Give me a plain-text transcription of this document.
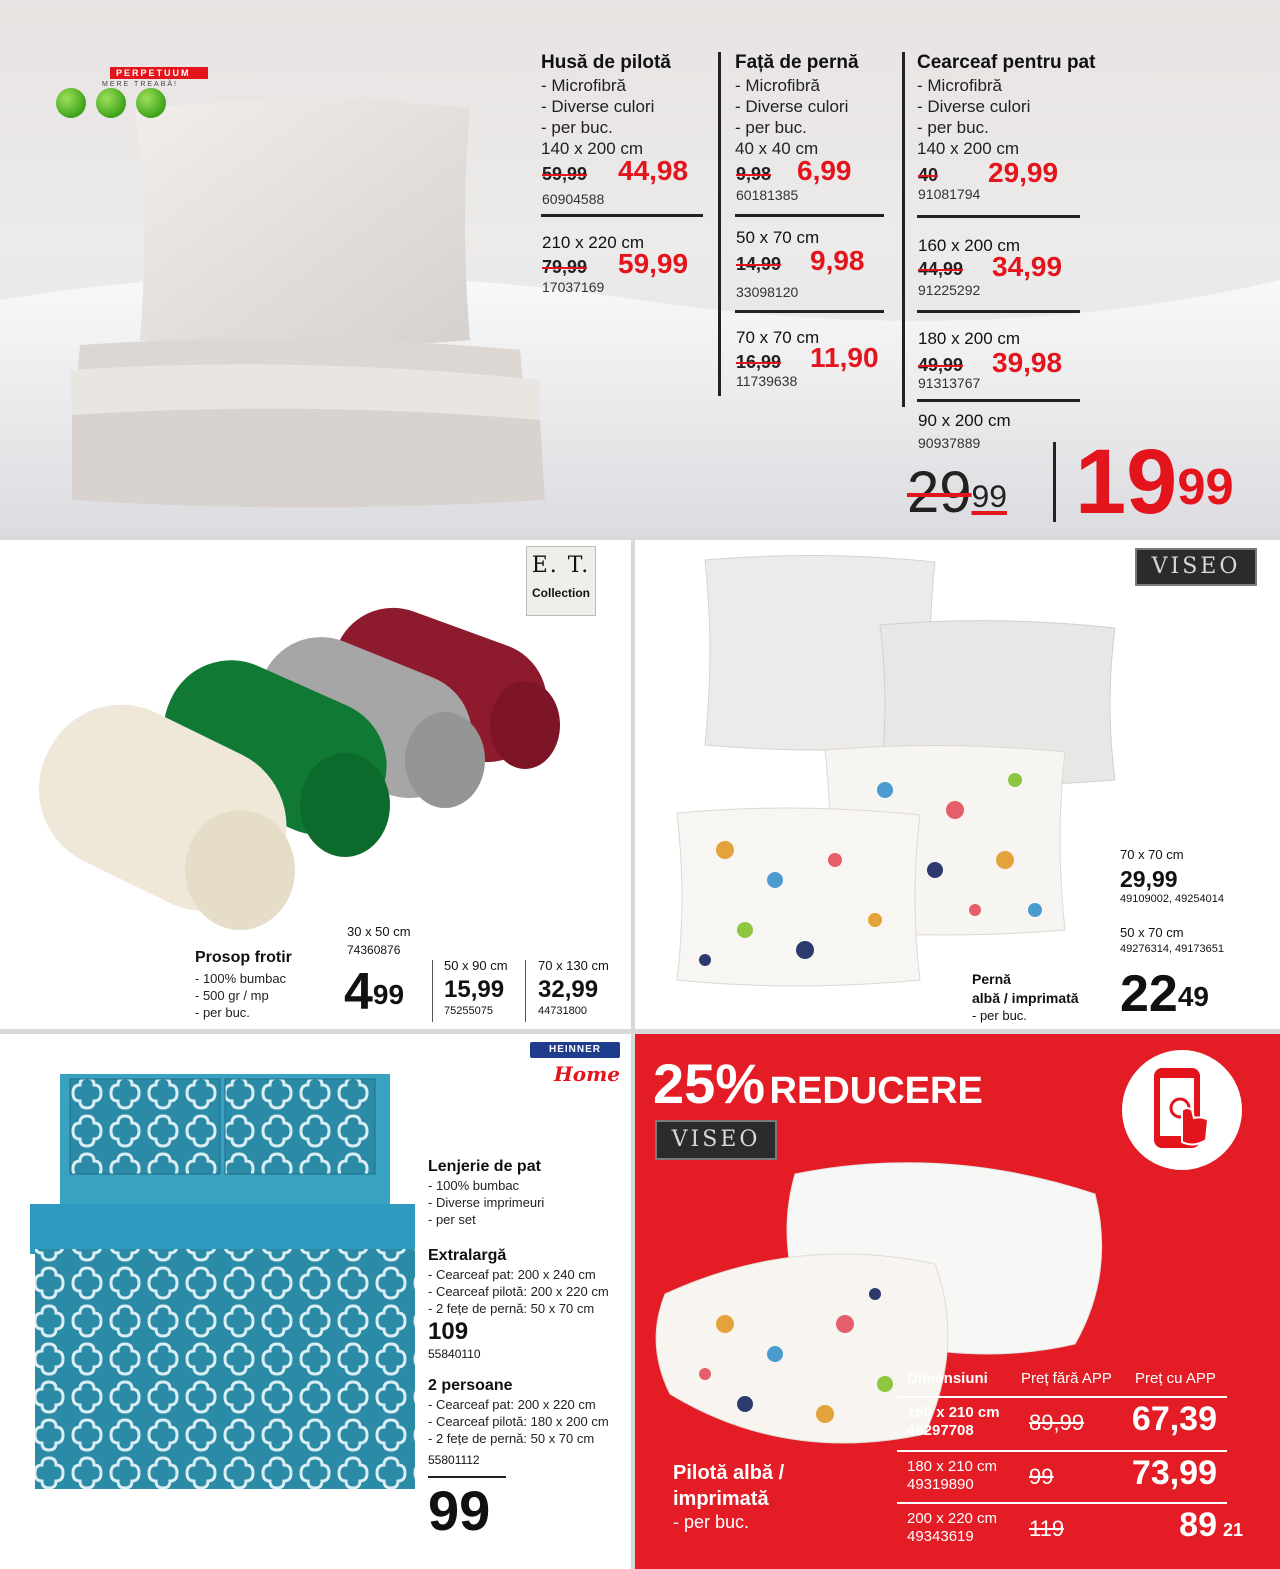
PERPETUUM
MERE TREABĂ!
Husă de pilotă
- Microfibră
- Diverse culori
- per buc.
140 x 200 cm
59,99 44,98
60904588
210 x 220 cm
79,99 59,99
17037169
Față de pernă
- Microfibră
- Diverse culori
- per buc.
40 x 40 cm
9,98 6,99
60181385
50 x 70 cm
14,99 9,98
33098120
70 x 70 cm
16,99 11,90
11739638
Cearceaf pentru pat
- Microfibră
- Diverse culori
- per buc.
140 x 200 cm
40 29,99
91081794
160 x 200 cm
44,99 34,99
91225292
180 x 200 cm
49,99 39,98
91313767
90 x 200 cm
90937889
$29^{99}$ $19^{99}$
E. T.
Collection
Prosop frotir
- 100% bumbac
- 500 gr / mp
- per buc.
30 x 50 cm
74360876
$4^{99}$
50 x 90 cm
15,99
75255075
70 x 130 cm
32,99
44731800
VISEO
70 x 70 cm
29,99
49109002, 49254014
50 x 70 cm
49276314, 49173651
Pernă
albă / imprimată
- per buc. $22^{49}$
HEINNER
Home
Lenjerie de pat
- 100% bumbac
- Diverse imprimeuri
- per set
Extralargă
- Cearceaf pat: 200 x 240 cm
- Cearceaf pilotă: 200 x 220 cm
- 2 fețe de pernă: 50 x 70 cm
109
55840110
2 persoane
- Cearceaf pat: 200 x 220 cm
- Cearceaf pilotă: 180 x 200 cm
- 2 fețe de pernă: 50 x 70 cm
55801112
99
25% REDUCERE
VISEO
Pilotă albă /
imprimată
- per buc.
Dimensiuni Preț fără APP Preț cu APP
150 x 210 cm
49297708	89,99 67,39
180 x 210 cm
49319890	99 73,99
200 x 220 cm
49343619	119	89 21
